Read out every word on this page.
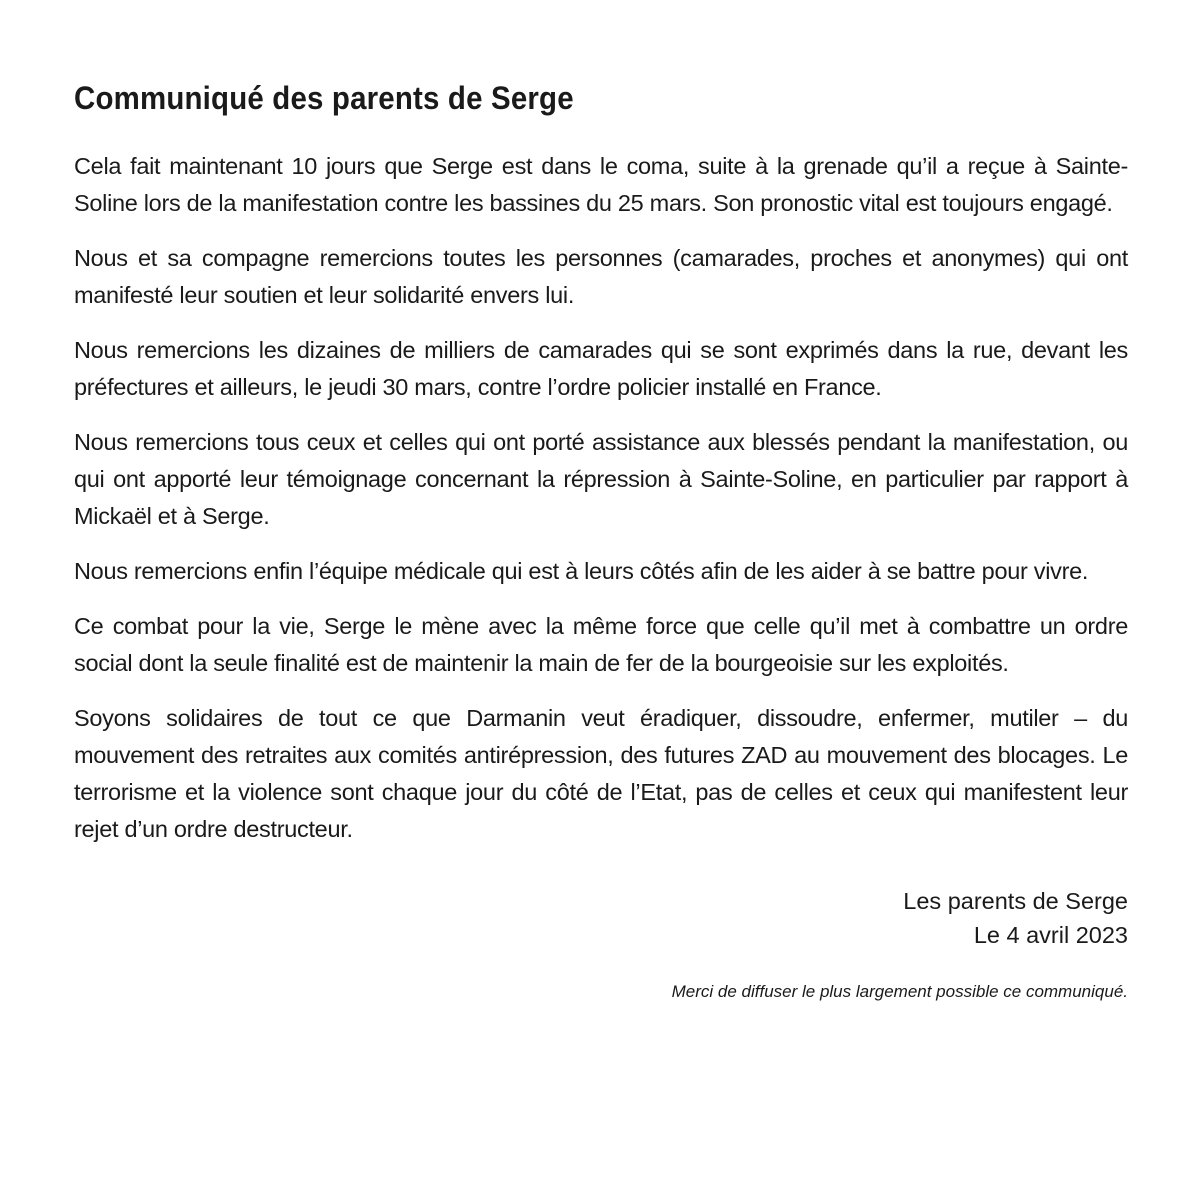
Communiqué des parents de Serge

Cela fait maintenant 10 jours que Serge est dans le coma, suite à la grenade qu’il a reçue à Sainte-Soline lors de la manifestation contre les bassines du 25 mars. Son pronostic vital est toujours engagé.

Nous et sa compagne remercions toutes les personnes (camarades, proches et anonymes) qui ont manifesté leur soutien et leur solidarité envers lui.

Nous remercions les dizaines de milliers de camarades qui se sont exprimés dans la rue, devant les préfectures et ailleurs, le jeudi 30 mars, contre l’ordre policier installé en France.

Nous remercions tous ceux et celles qui ont porté assistance aux blessés pendant la manifestation, ou qui ont apporté leur témoignage concernant la répression à Sainte-Soline, en particulier par rapport à Mickaël et à Serge.

Nous remercions enfin l’équipe médicale qui est à leurs côtés afin de les aider à se battre pour vivre.

Ce combat pour la vie, Serge le mène avec la même force que celle qu’il met à combattre un ordre social dont la seule finalité est de maintenir la main de fer de la bourgeoisie sur les exploités.

Soyons solidaires de tout ce que Darmanin veut éradiquer, dissoudre, enfermer, mutiler – du mouvement des retraites aux comités antirépression, des futures ZAD au mouvement des blocages. Le terrorisme et la violence sont chaque jour du côté de l’Etat, pas de celles et ceux qui manifestent leur rejet d’un ordre destructeur.

Les parents de Serge
Le 4 avril 2023
Merci de diffuser le plus largement possible ce communiqué.
